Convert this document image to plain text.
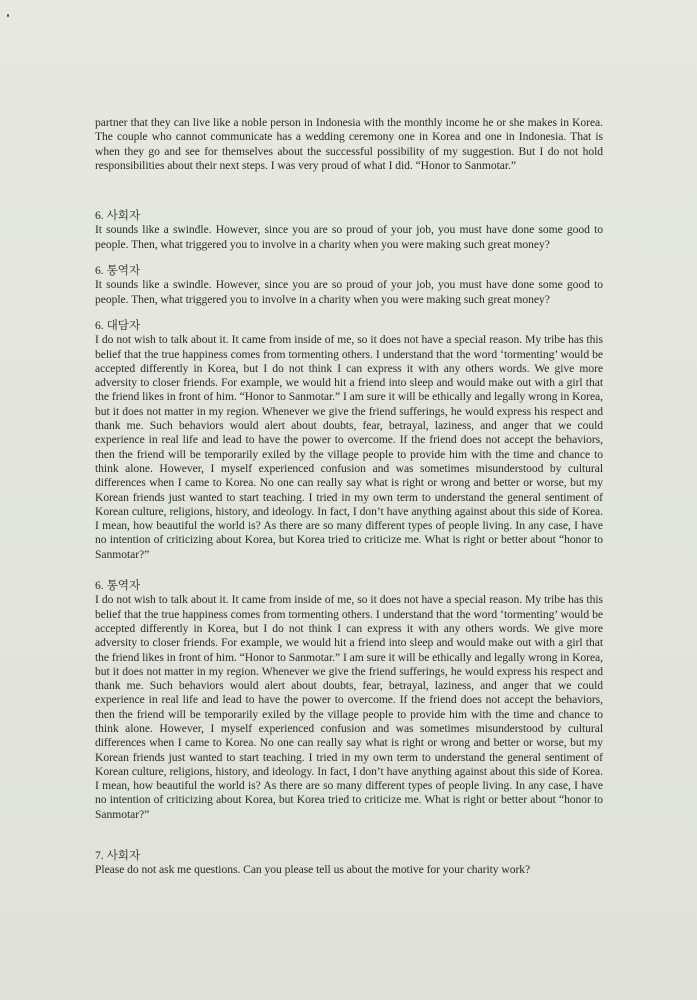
partner that they can live like a noble person in Indonesia with the monthly income he or she makes in Korea. The couple who cannot communicate has a wedding ceremony one in Korea and one in Indonesia. That is when they go and see for themselves about the successful possibility of my suggestion. But I do not hold responsibilities about their next steps. I was very proud of what I did. “Honor to Sanmotar.”

6. 사회자

It sounds like a swindle. However, since you are so proud of your job, you must have done some good to people. Then, what triggered you to involve in a charity when you were making such great money?

6. 통역자

It sounds like a swindle. However, since you are so proud of your job, you must have done some good to people. Then, what triggered you to involve in a charity when you were making such great money?

6. 대담자

I do not wish to talk about it. It came from inside of me, so it does not have a special reason. My tribe has this belief that the true happiness comes from tormenting others. I understand that the word ‘tormenting’ would be accepted differently in Korea, but I do not think I can express it with any others words. We give more adversity to closer friends. For example, we would hit a friend into sleep and would make out with a girl that the friend likes in front of him. “Honor to Sanmotar.” I am sure it will be ethically and legally wrong in Korea, but it does not matter in my region. Whenever we give the friend sufferings, he would express his respect and thank me. Such behaviors would alert about doubts, fear, betrayal, laziness, and anger that we could experience in real life and lead to have the power to overcome. If the friend does not accept the behaviors, then the friend will be temporarily exiled by the village people to provide him with the time and chance to think alone. However, I myself experienced confusion and was sometimes misunderstood by cultural differences when I came to Korea. No one can really say what is right or wrong and better or worse, but my Korean friends just wanted to start teaching. I tried in my own term to understand the general sentiment of Korean culture, religions, history, and ideology. In fact, I don’t have anything against about this side of Korea. I mean, how beautiful the world is? As there are so many different types of people living. In any case, I have no intention of criticizing about Korea, but Korea tried to criticize me. What is right or better about “honor to Sanmotar?”

6. 통역자

I do not wish to talk about it. It came from inside of me, so it does not have a special reason. My tribe has this belief that the true happiness comes from tormenting others. I understand that the word ‘tormenting’ would be accepted differently in Korea, but I do not think I can express it with any others words. We give more adversity to closer friends. For example, we would hit a friend into sleep and would make out with a girl that the friend likes in front of him. “Honor to Sanmotar.” I am sure it will be ethically and legally wrong in Korea, but it does not matter in my region. Whenever we give the friend sufferings, he would express his respect and thank me. Such behaviors would alert about doubts, fear, betrayal, laziness, and anger that we could experience in real life and lead to have the power to overcome. If the friend does not accept the behaviors, then the friend will be temporarily exiled by the village people to provide him with the time and chance to think alone. However, I myself experienced confusion and was sometimes misunderstood by cultural differences when I came to Korea. No one can really say what is right or wrong and better or worse, but my Korean friends just wanted to start teaching. I tried in my own term to understand the general sentiment of Korean culture, religions, history, and ideology. In fact, I don’t have anything against about this side of Korea. I mean, how beautiful the world is? As there are so many different types of people living. In any case, I have no intention of criticizing about Korea, but Korea tried to criticize me. What is right or better about “honor to Sanmotar?”

7. 사회자

Please do not ask me questions. Can you please tell us about the motive for your charity work?
